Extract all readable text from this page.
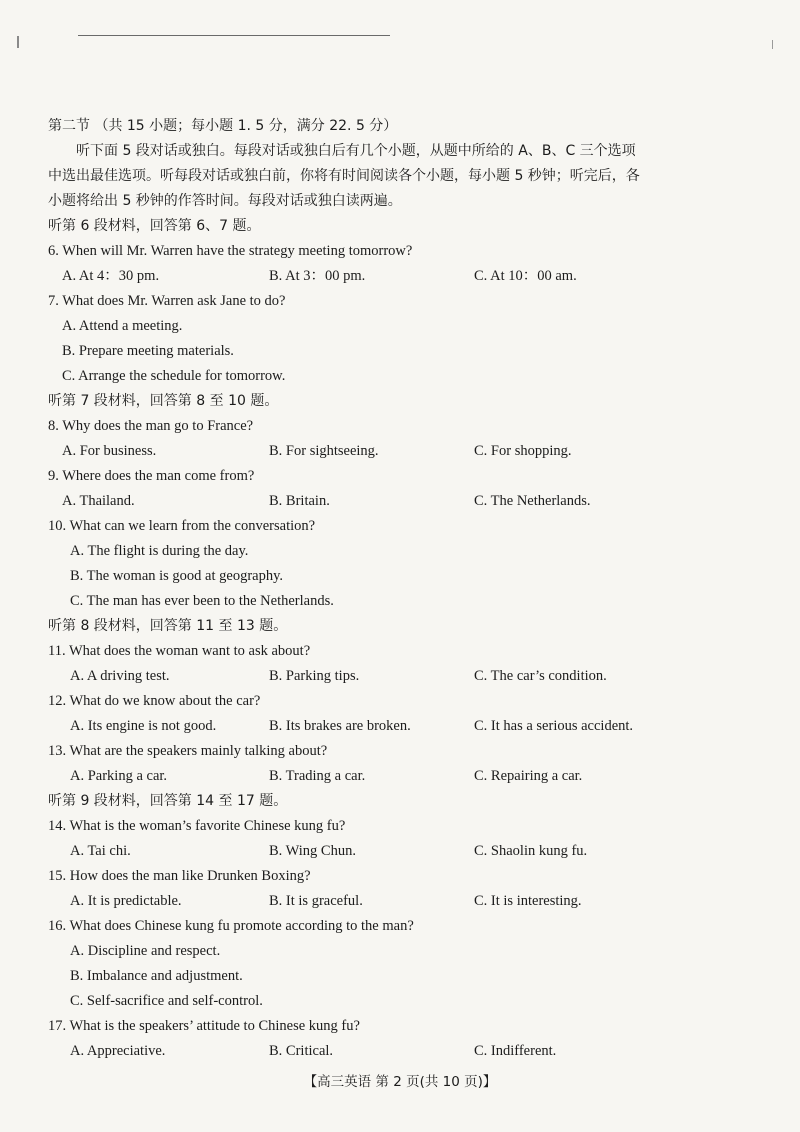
第二节 （共 15 小题；每小题 1. 5 分，满分 22. 5 分）
听下面 5 段对话或独白。每段对话或独白后有几个小题，从题中所给的 A、B、C 三个选项
中选出最佳选项。听每段对话或独白前，你将有时间阅读各个小题，每小题 5 秒钟；听完后，各
小题将给出 5 秒钟的作答时间。每段对话或独白读两遍。
听第 6 段材料，回答第 6、7 题。
6. When will Mr. Warren have the strategy meeting tomorrow?
A. At 4：30 pm.	B. At 3：00 pm.	C. At 10：00 am.
7. What does Mr. Warren ask Jane to do?
A. Attend a meeting.
B. Prepare meeting materials.
C. Arrange the schedule for tomorrow.
听第 7 段材料，回答第 8 至 10 题。
8. Why does the man go to France?
A. For business.	B. For sightseeing.	C. For shopping.
9. Where does the man come from?
A. Thailand.	B. Britain.	C. The Netherlands.
10. What can we learn from the conversation?
A. The flight is during the day.
B. The woman is good at geography.
C. The man has ever been to the Netherlands.
听第 8 段材料，回答第 11 至 13 题。
11. What does the woman want to ask about?
A. A driving test.	B. Parking tips.	C. The car’s condition.
12. What do we know about the car?
A. Its engine is not good.	B. Its brakes are broken.	C. It has a serious accident.
13. What are the speakers mainly talking about?
A. Parking a car.	B. Trading a car.	C. Repairing a car.
听第 9 段材料，回答第 14 至 17 题。
14. What is the woman’s favorite Chinese kung fu?
A. Tai chi.	B. Wing Chun.	C. Shaolin kung fu.
15. How does the man like Drunken Boxing?
A. It is predictable.	B. It is graceful.	C. It is interesting.
16. What does Chinese kung fu promote according to the man?
A. Discipline and respect.
B. Imbalance and adjustment.
C. Self-sacrifice and self-control.
17. What is the speakers’ attitude to Chinese kung fu?
A. Appreciative.	B. Critical.	C. Indifferent.
【高三英语 第 2 页(共 10 页)】
